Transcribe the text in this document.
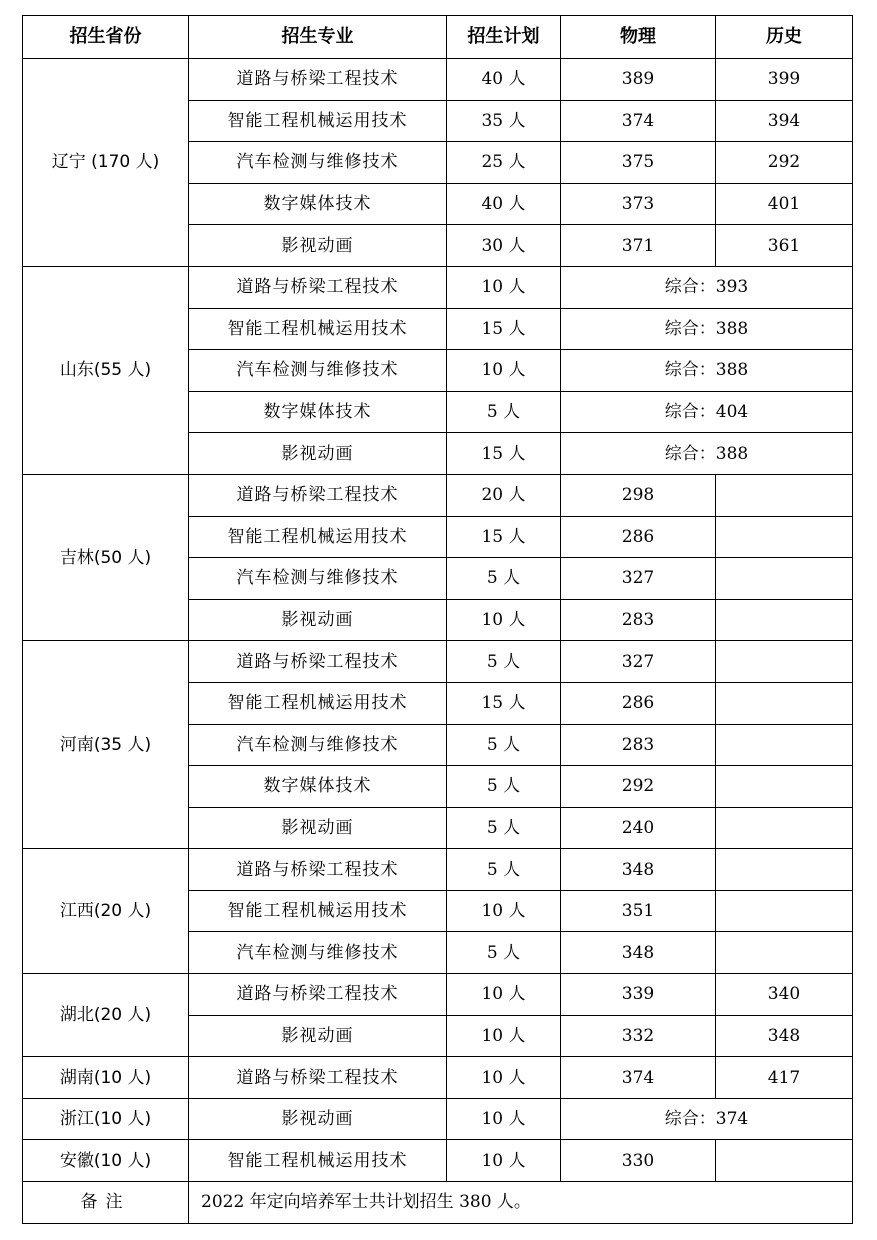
招生省份	招生专业	招生计划	物理	历史
辽宁 (170 人)	道路与桥梁工程技术	40 人	389	399
	智能工程机械运用技术	35 人	374	394
	汽车检测与维修技术	25 人	375	292
	数字媒体技术	40 人	373	401
	影视动画	30 人	371	361
山东(55 人)	道路与桥梁工程技术	10 人	综合：393	
	智能工程机械运用技术	15 人	综合：388	
	汽车检测与维修技术	10 人	综合：388	
	数字媒体技术	5 人	综合：404	
	影视动画	15 人	综合：388	
吉林(50 人)	道路与桥梁工程技术	20 人	298	
	智能工程机械运用技术	15 人	286	
	汽车检测与维修技术	5 人	327	
	影视动画	10 人	283	
河南(35 人)	道路与桥梁工程技术	5 人	327	
	智能工程机械运用技术	15 人	286	
	汽车检测与维修技术	5 人	283	
	数字媒体技术	5 人	292	
	影视动画	5 人	240	
江西(20 人)	道路与桥梁工程技术	5 人	348	
	智能工程机械运用技术	10 人	351	
	汽车检测与维修技术	5 人	348	
湖北(20 人)	道路与桥梁工程技术	10 人	339	340
	影视动画	10 人	332	348
湖南(10 人)	道路与桥梁工程技术	10 人	374	417
浙江(10 人)	影视动画	10 人	综合：374	
安徽(10 人)	智能工程机械运用技术	10 人	330	
备注	2022 年定向培养军士共计划招生 380 人。			
